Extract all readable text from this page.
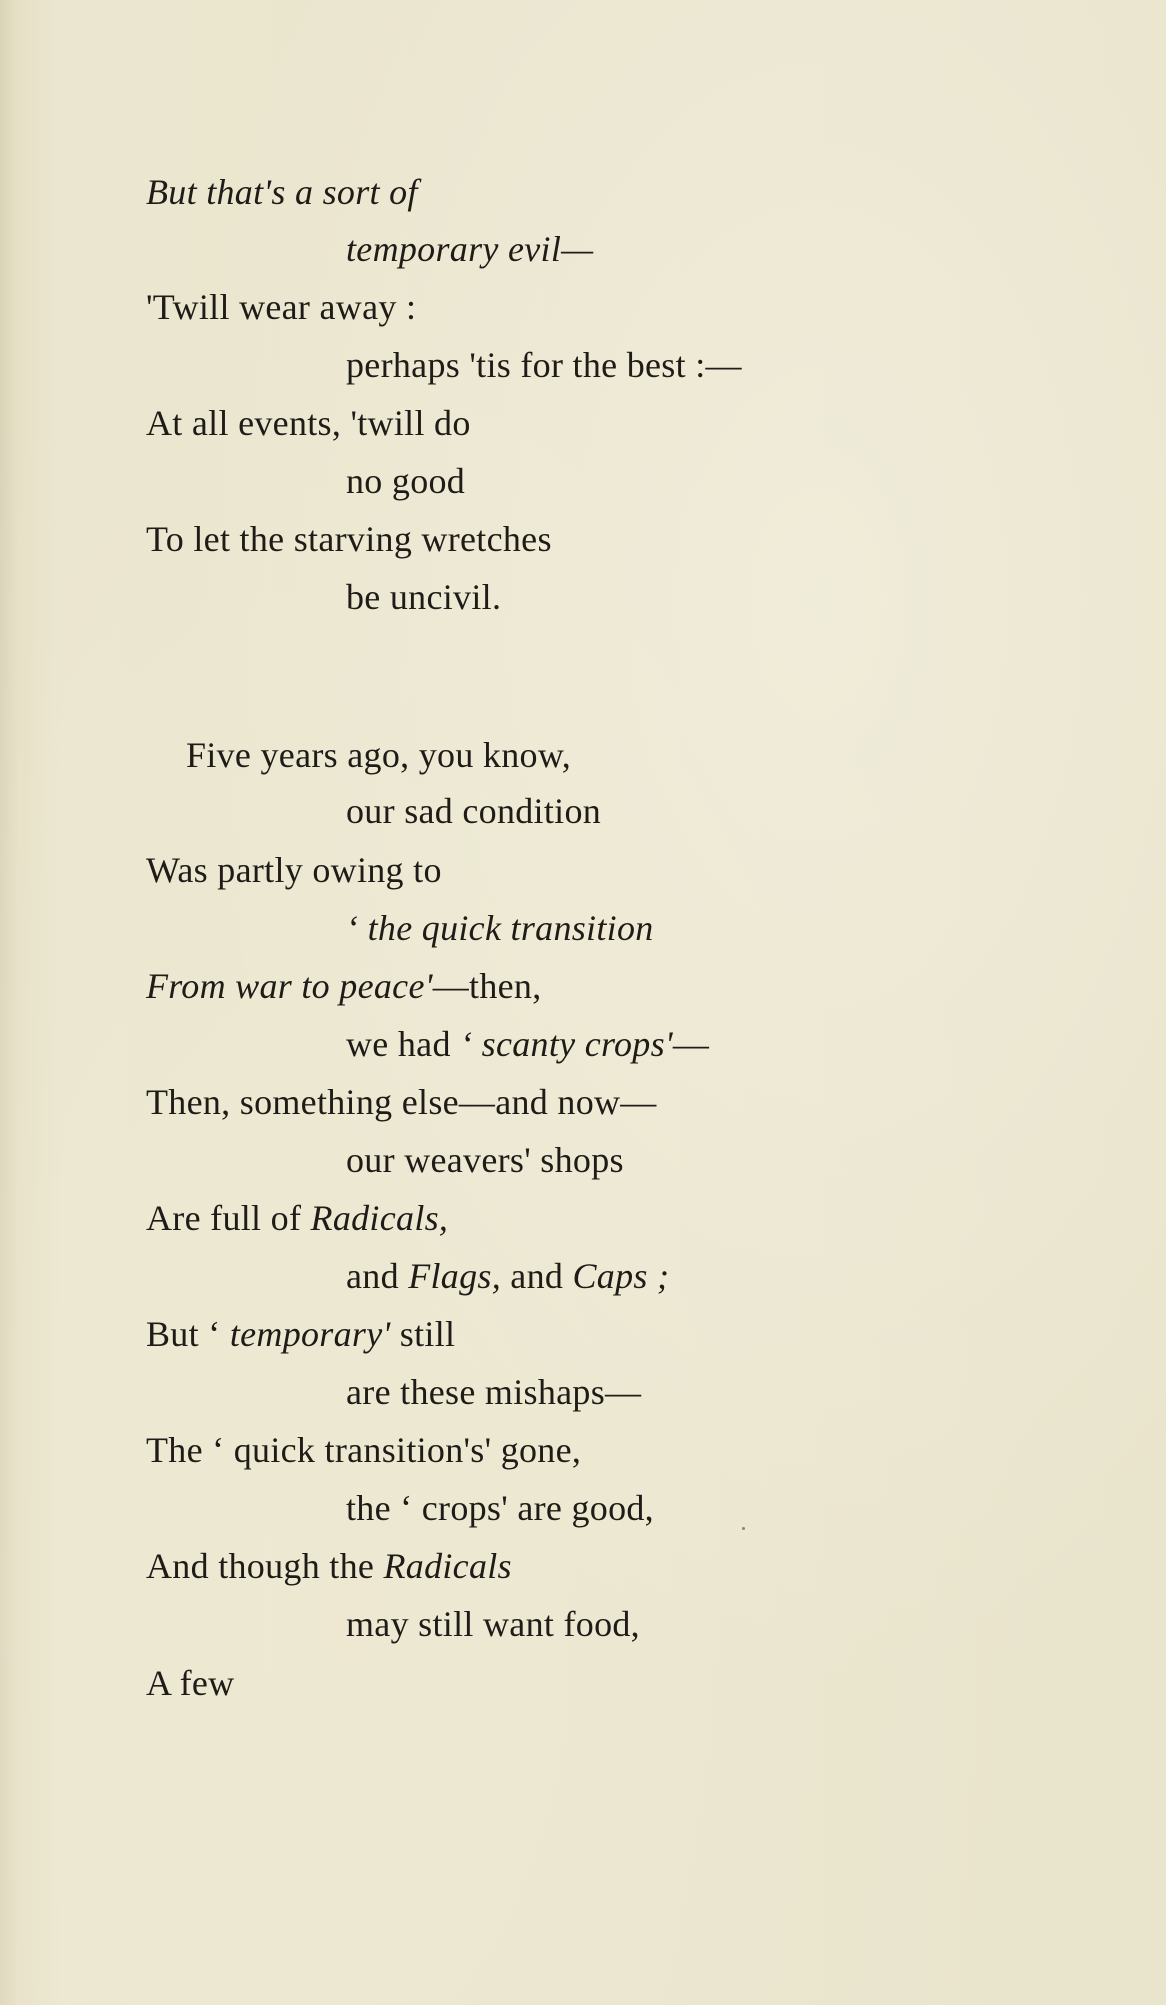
But that's a sort of
temporary evil—
'Twill wear away :
perhaps 'tis for the best :—
At all events, 'twill do
no good
To let the starving wretches
be uncivil.
Five years ago, you know,
our sad condition
Was partly owing to
‘ the quick transition
From war to peace'—then,
we had ‘ scanty crops'—
Then, something else—and now—
our weavers' shops
Are full of Radicals,
and Flags, and Caps ;
But ‘ temporary' still
are these mishaps—
The ‘ quick transition's' gone,
the ‘ crops' are good,
And though the Radicals
may still want food,
A few
